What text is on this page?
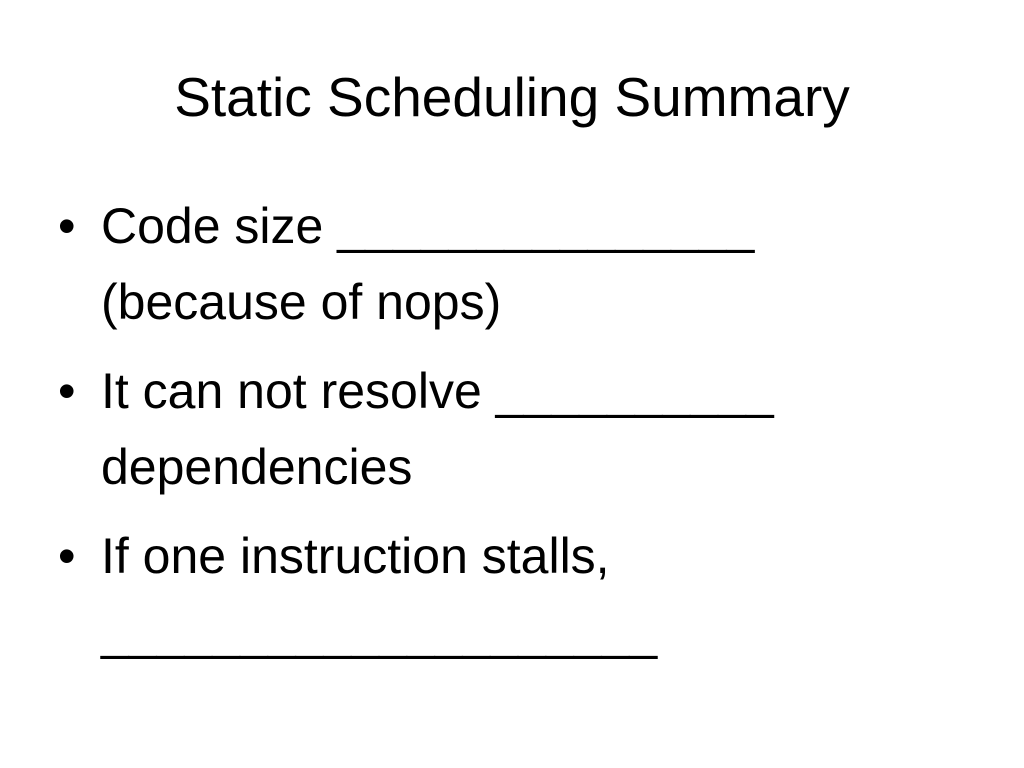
Static Scheduling Summary
• Code size _______________
(because of nops)
• It can not resolve __________
dependencies
• If one instruction stalls,
____________________
